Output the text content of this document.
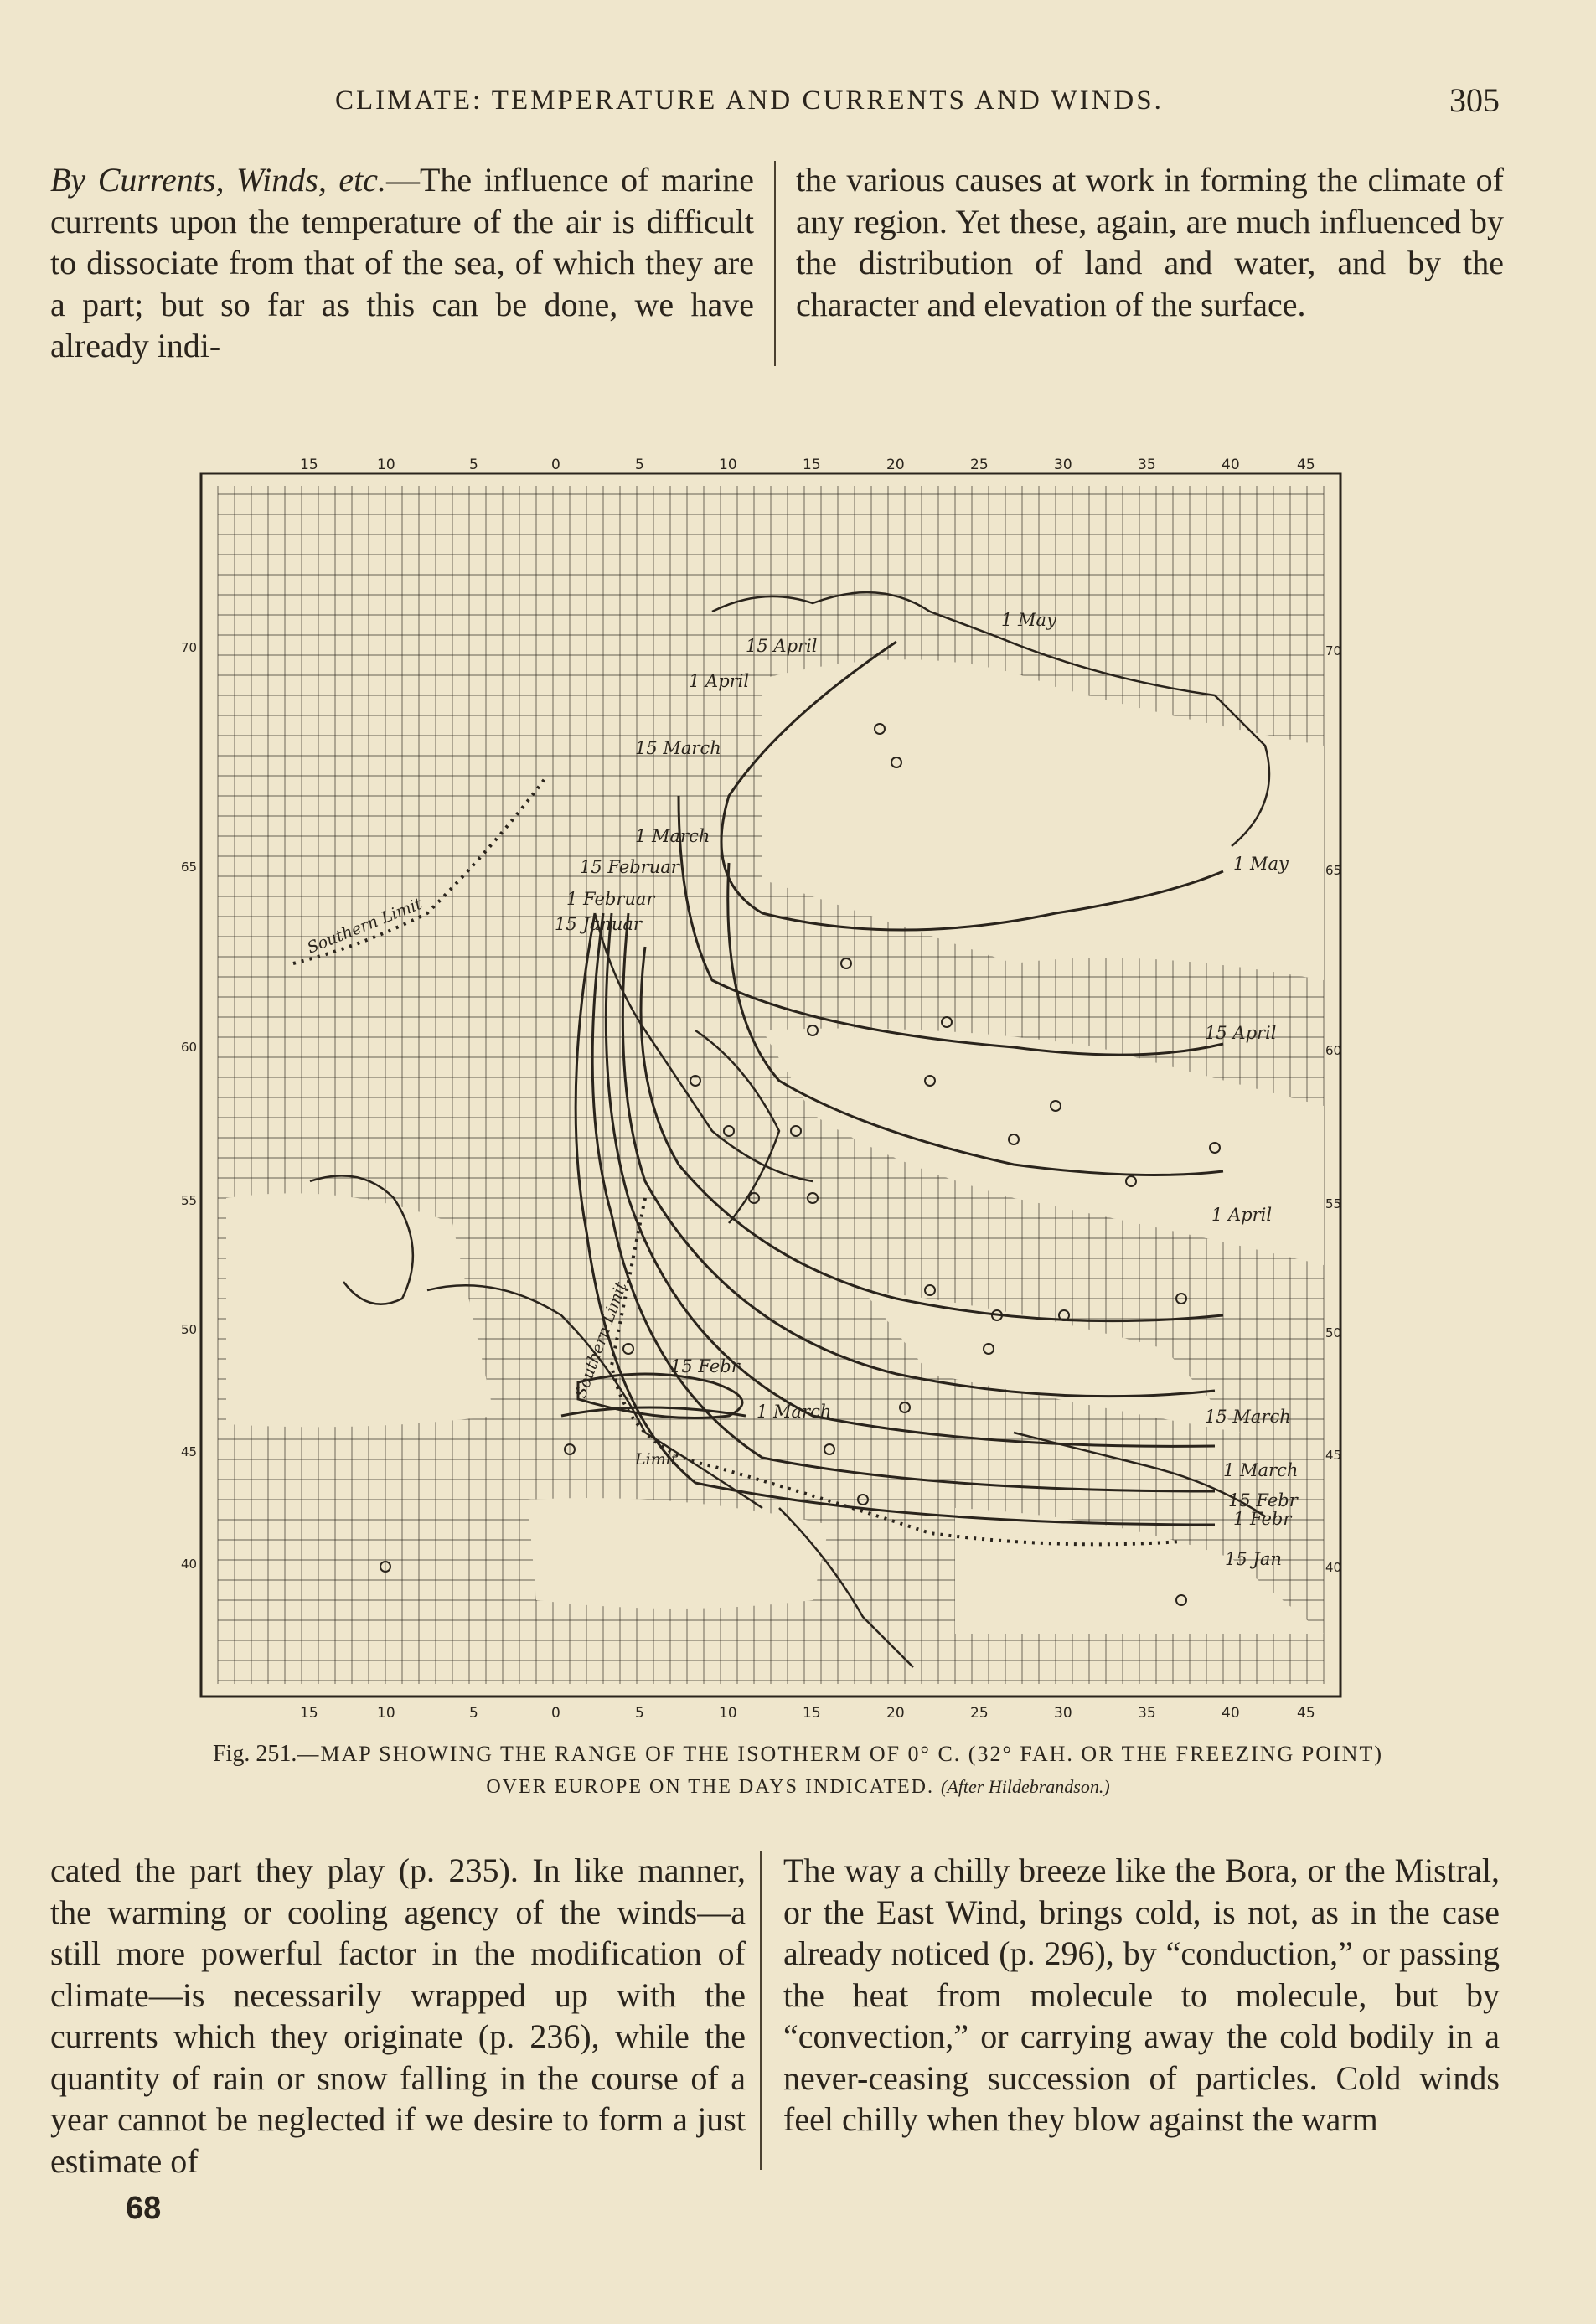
CLIMATE: TEMPERATURE AND CURRENTS AND WINDS.	305

By Currents, Winds, etc.—The influence of marine currents upon the temperature of the air is difficult to dissociate from that of the sea, of which they are a part; but so far as this can be done, we have already indi-

the various causes at work in forming the climate of any region. Yet these, again, are much influenced by the distribution of land and water, and by the character and elevation of the surface.

15	10	5	0	5	10	15	20	25	30	35	40	45
15	10	5	0	5	10	15	20	25	30	35	40	45
70
65
60
55
50
45
40
70
65
60
55
50
45
40
15 April
1 April
15 March
1 March
15 Februar
1 Februar
15 Januar
1 May
1 May
15 April
1 April
15 March
1 March
15 Febr
1 Febr
15 Jan
15 Febr
1 March
Southern Limit
Southern Limit
Limit
Fig. 251.—MAP SHOWING THE RANGE OF THE ISOTHERM OF 0° C. (32° FAH. OR THE FREEZING POINT)
OVER EUROPE ON THE DAYS INDICATED. (After Hildebrandson.)

cated the part they play (p. 235). In like manner, the warming or cooling agency of the winds—a still more powerful factor in the modification of climate—is necessarily wrapped up with the currents which they originate (p. 236), while the quantity of rain or snow falling in the course of a year cannot be neglected if we desire to form a just estimate of

The way a chilly breeze like the Bora, or the Mistral, or the East Wind, brings cold, is not, as in the case already noticed (p. 296), by “conduction,” or passing the heat from molecule to molecule, but by “convection,” or carrying away the cold bodily in a never-ceasing succession of particles. Cold winds feel chilly when they blow against the warm

68
